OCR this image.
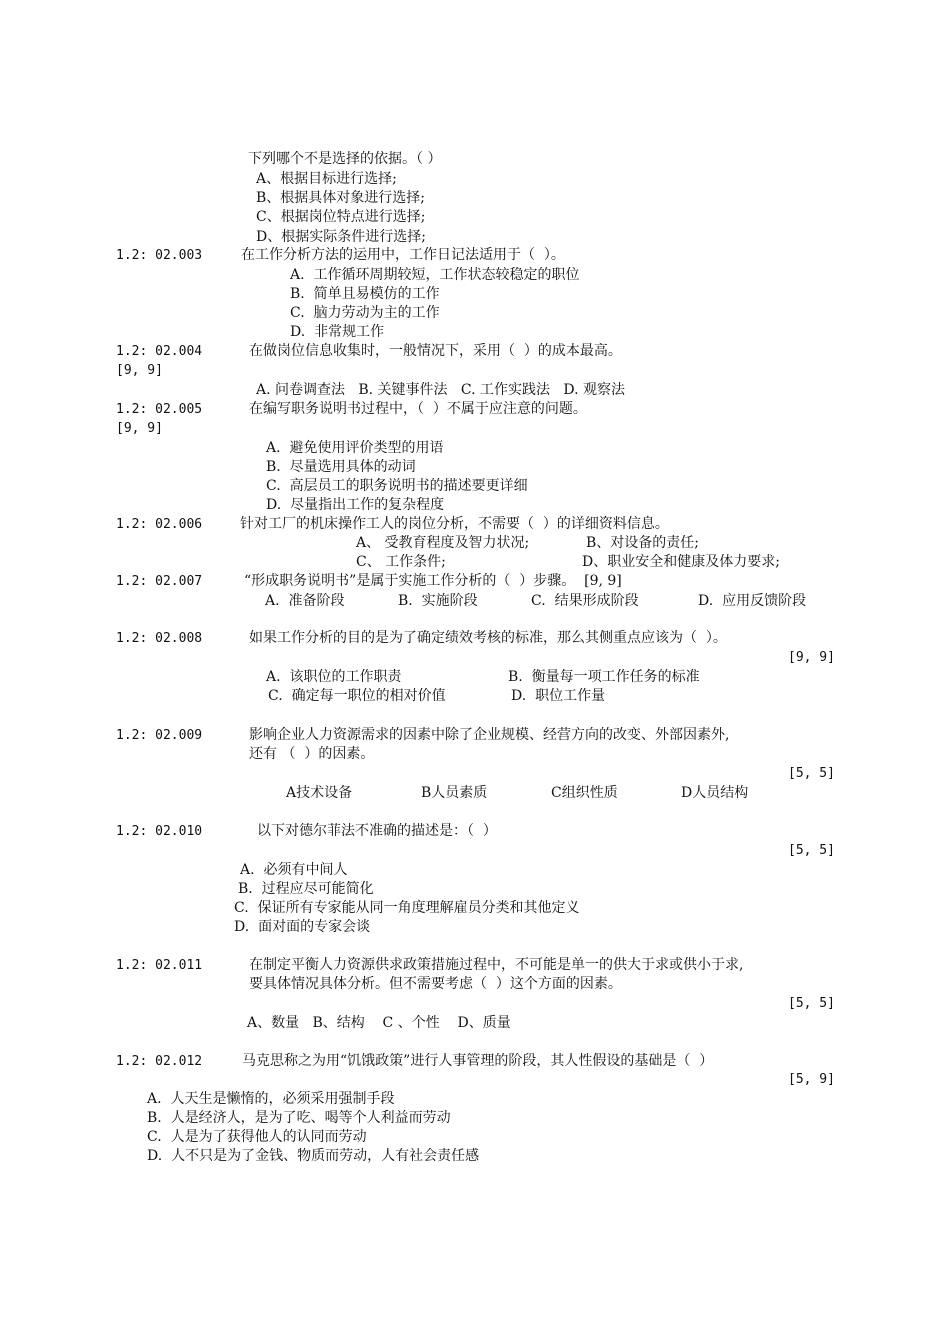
下列哪个不是选择的依据。（ ）
A、根据目标进行选择;
B、根据具体对象进行选择;
C、根据岗位特点进行选择;
D、根据实际条件进行选择;
1.2: 02.003	在工作分析方法的运用中，工作日记法适用于（  ）。
A.  工作循环周期较短，工作状态较稳定的职位
B.  简单且易模仿的工作
C.  脑力劳动为主的工作
D.  非常规工作
1.2: 02.004	在做岗位信息收集时，一般情况下，采用（  ）的成本最高。
[9, 9]
A. 问卷调查法   B. 关键事件法   C. 工作实践法   D. 观察法
1.2: 02.005	在编写职务说明书过程中，（  ）不属于应注意的问题。
[9, 9]
A.  避免使用评价类型的用语
B.  尽量选用具体的动词
C.  高层员工的职务说明书的描述要更详细
D.  尽量指出工作的复杂程度
1.2: 02.006	针对工厂的机床操作工人的岗位分析，不需要（  ）的详细资料信息。
A、 受教育程度及智力状况;	B、对设备的责任;
C、 工作条件;	D、职业安全和健康及体力要求;
1.2: 02.007	“形成职务说明书”是属于实施工作分析的（  ）步骤。  [9, 9]
A.  准备阶段	B.  实施阶段	C.  结果形成阶段	D.  应用反馈阶段
1.2: 02.008	如果工作分析的目的是为了确定绩效考核的标准，那么其侧重点应该为（  ）。
[9, 9]
A.  该职位的工作职责	B.  衡量每一项工作任务的标准
C.  确定每一职位的相对价值	D.  职位工作量
1.2: 02.009	影响企业人力资源需求的因素中除了企业规模、经营方向的改变、外部因素外,
还有 （  ）的因素。
[5, 5]
A技术设备	B人员素质	C组织性质	D人员结构
1.2: 02.010	以下对德尔菲法不准确的描述是：（  ）
[5, 5]
A.  必须有中间人
B.  过程应尽可能简化
C.  保证所有专家能从同一角度理解雇员分类和其他定义
D.  面对面的专家会谈
1.2: 02.011	在制定平衡人力资源供求政策措施过程中，不可能是单一的供大于求或供小于求,
要具体情况具体分析。但不需要考虑（  ）这个方面的因素。
[5, 5]
A、数量   B、结构    C 、个性    D、质量
1.2: 02.012	马克思称之为用“饥饿政策”进行人事管理的阶段，其人性假设的基础是（  ）
[5, 9]
A.  人天生是懒惰的，必须采用强制手段
B.  人是经济人，是为了吃、喝等个人利益而劳动
C.  人是为了获得他人的认同而劳动
D.  人不只是为了金钱、物质而劳动，人有社会责任感
